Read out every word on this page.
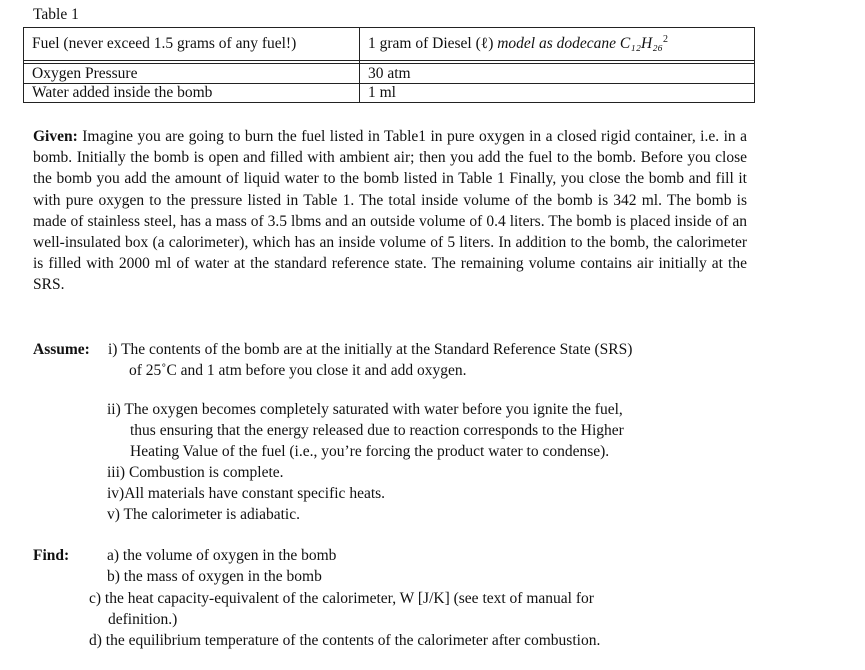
Table 1
Fuel (never exceed 1.5 grams of any fuel!)	1 gram of Diesel (ℓ) model as dodecane C₁₂H₂₆$^2$

Oxygen Pressure	30 atm
Water added inside the bomb	1 ml
Given: Imagine you are going to burn the fuel listed in Table1 in pure oxygen in a closed rigid container, i.e. in a bomb. Initially the bomb is open and filled with ambient air; then you add the fuel to the bomb. Before you close the bomb you add the amount of liquid water to the bomb listed in Table 1 Finally, you close the bomb and fill it with pure oxygen to the pressure listed in Table 1. The total inside volume of the bomb is 342 ml. The bomb is made of stainless steel, has a mass of 3.5 lbms and an outside volume of 0.4 liters. The bomb is placed inside of an well-insulated box (a calorimeter), which has an inside volume of 5 liters. In addition to the bomb, the calorimeter is filled with 2000 ml of water at the standard reference state. The remaining volume contains air initially at the SRS.
Assume: i) The contents of the bomb are at the initially at the Standard Reference State (SRS)
of 25˚C and 1 atm before you close it and add oxygen.
ii) The oxygen becomes completely saturated with water before you ignite the fuel,
thus ensuring that the energy released due to reaction corresponds to the Higher
Heating Value of the fuel (i.e., you’re forcing the product water to condense).
iii) Combustion is complete.
iv)All materials have constant specific heats.
v) The calorimeter is adiabatic.
Find: a) the volume of oxygen in the bomb
b) the mass of oxygen in the bomb
c) the heat capacity-equivalent of the calorimeter, W [J/K] (see text of manual for
definition.)
d) the equilibrium temperature of the contents of the calorimeter after combustion.
